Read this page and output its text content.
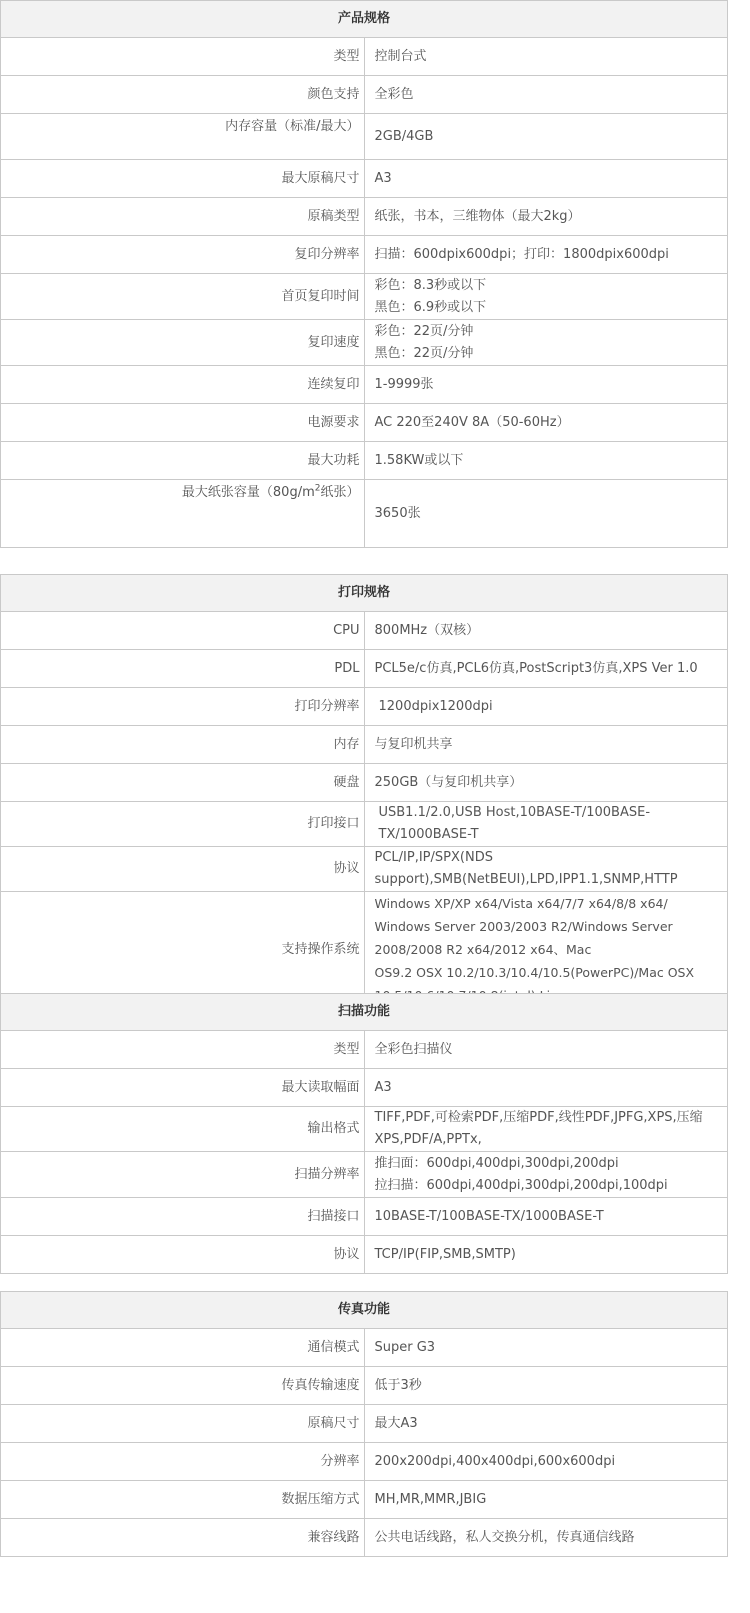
产品规格	
类型	控制台式
颜色支持	全彩色
内存容量（标准/最大）	2GB/4GB
最大原稿尺寸	A3
原稿类型	纸张，书本，三维物体（最大2kg）
复印分辨率	扫描：600dpix600dpi；打印：1800dpix600dpi
首页复印时间	彩色：8.3秒或以下
黑色：6.9秒或以下

复印速度	彩色：22页/分钟
黑色：22页/分钟

连续复印	1-9999张
电源要求	AC 220至240V 8A（50-60Hz）
最大功耗	1.58KW或以下
最大纸张容量（$80g/m^2$纸张）	3650张
打印规格	
CPU	800MHz（双核）
PDL	PCL5e/c仿真,PCL6仿真,PostScript3仿真,XPS Ver 1.0
打印分辨率	1200dpix1200dpi
内存	与复印机共享
硬盘	250GB（与复印机共享）
打印接口	USB1.1/2.0,USB Host,10BASE-T/100BASE-TX/1000BASE-T
协议	PCL/IP,IP/SPX(NDS support),SMB(NetBEUI),LPD,IPP1.1,SNMP,HTTP
支持操作系统	Windows XP/XP x64/Vista x64/7/7 x64/8/8 x64/
Windows Server 2003/2003 R2/Windows Server 2008/2008 R2 x64/2012 x64、Mac
OS9.2 OSX 10.2/10.3/10.4/10.5(PowerPC)/Mac OSX
扫描功能	
类型	全彩色扫描仪
最大读取幅面	A3
输出格式	TIFF,PDF,可检索PDF,压缩PDF,线性PDF,JPFG,XPS,压缩XPS,PDF/A,PPTx,
扫描分辨率	推扫面：600dpi,400dpi,300dpi,200dpi
拉扫描：600dpi,400dpi,300dpi,200dpi,100dpi

扫描接口	10BASE-T/100BASE-TX/1000BASE-T
协议	TCP/IP(FIP,SMB,SMTP)
传真功能	
通信模式	Super G3
传真传输速度	低于3秒
原稿尺寸	最大A3
分辨率	200x200dpi,400x400dpi,600x600dpi
数据压缩方式	MH,MR,MMR,JBIG
兼容线路	公共电话线路，私人交换分机，传真通信线路
